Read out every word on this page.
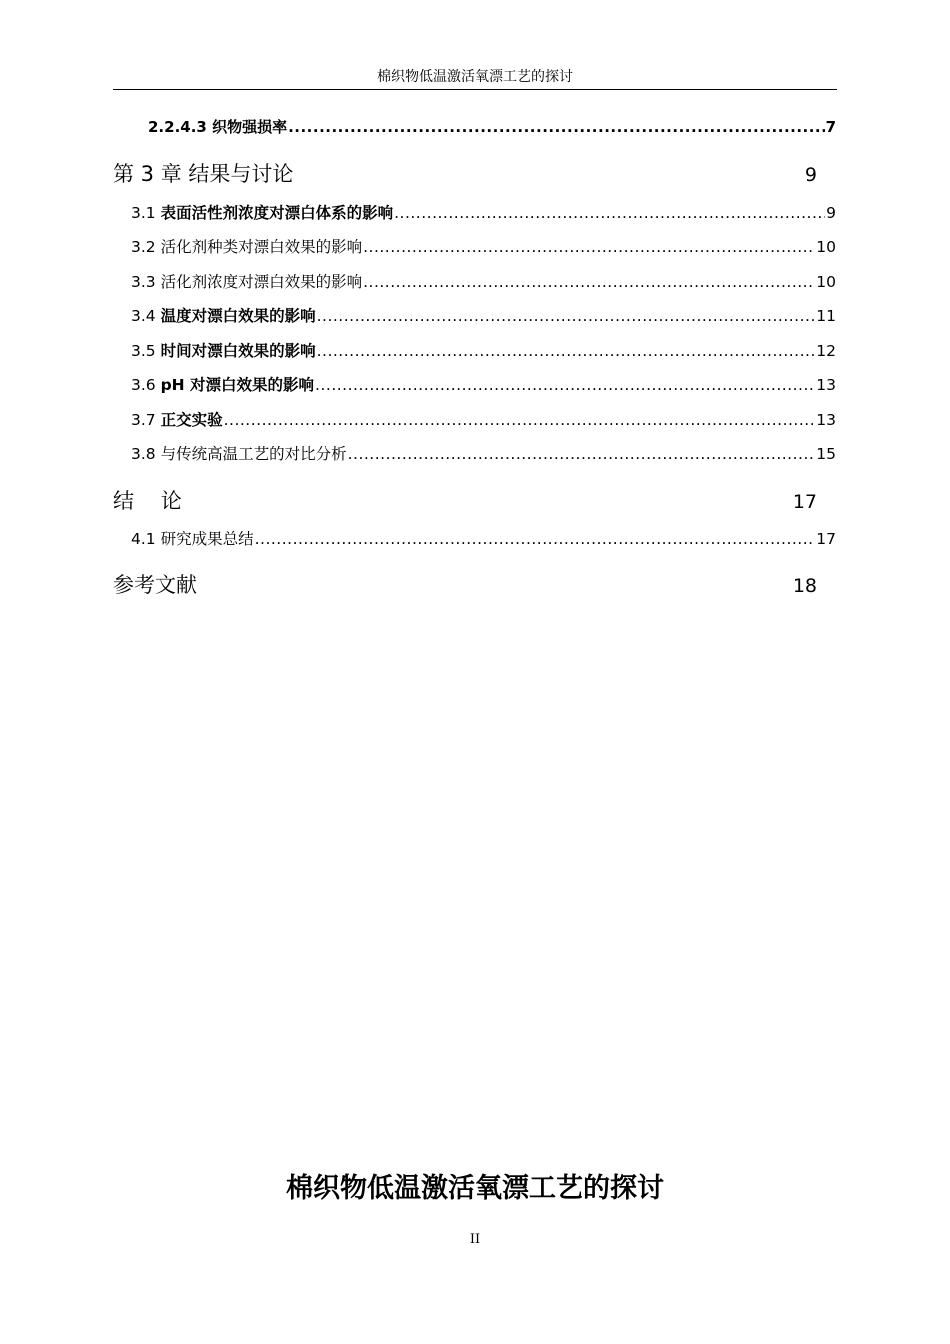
棉织物低温激活氧漂工艺的探讨
2.2.4.3 织物强损率 .....	7
第 3 章 结果与讨论	9
3.1 表面活性剂浓度对漂白体系的影响 .....	9
3.2 活化剂种类对漂白效果的影响 .....	10
3.3 活化剂浓度对漂白效果的影响 .....	10
3.4 温度对漂白效果的影响 .....	11
3.5 时间对漂白效果的影响 .....	12
3.6 pH 对漂白效果的影响 .....	13
3.7 正交实验 .....	13
3.8 与传统高温工艺的对比分析 .....	15
结    论	17
4.1 研究成果总结 .....	17
参考文献	18
棉织物低温激活氧漂工艺的探讨
II
